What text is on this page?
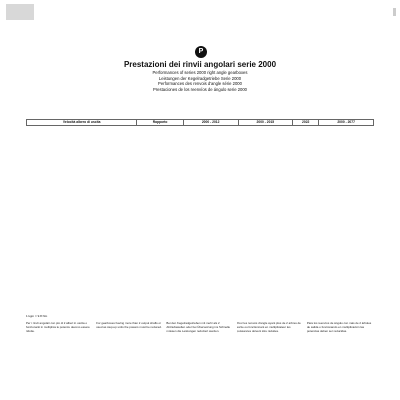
P
Prestazioni dei rinvii angolari serie 2000
Performances of series 2000 right angle gearboxes
Leistungen der Kegelradgetriebe Serie 2000
Performances des renvois d'angle série 2000
Prestaciones de los reenvíos de ángulo serie 2000
Velocità albero di uscita	Rapporto	2000 - 2012	2000 - 2015	2022	2000 - 2077
1 kgm = 9.8 Nm
Per i rinvii angolari con più di 2 alberi in uscita o funzionanti in moltiplica le potenze devono essere ridotte.
For gearboxes having more than 2 output shafts or used as step-up units the powers must be reduced.
Bei den Kegelradgetrieben mit mehr als 2 Abtriebswellen oder bei Übersetzung ins Schnelle müssen die Leistungen reduziert werden.
Pour les renvois d'angle ayant plus de 2 arbres de sortie ou fonctionnant en multiplicateur les puissances doivent être réduites.
Para los reenvíos de ángulo con más de 2 árboles de salida o funcionando en multiplicación las potencias deben ser reducidas.
